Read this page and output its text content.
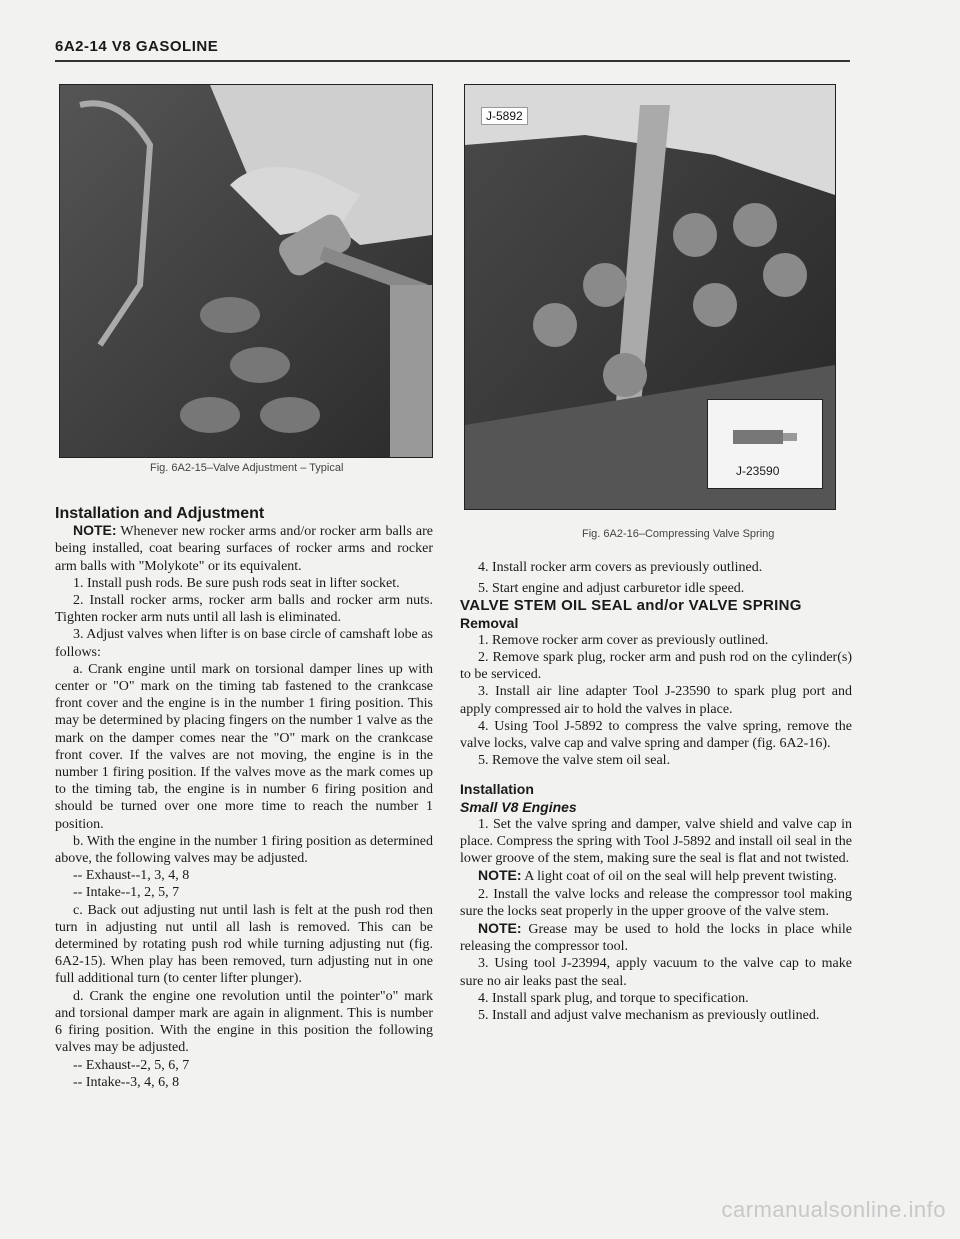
6A2-14 V8 GASOLINE
Fig. 6A2-15–Valve Adjustment – Typical
J-5892
J-23590
Fig. 6A2-16–Compressing Valve Spring

Installation and Adjustment

NOTE: Whenever new rocker arms and/or rocker arm balls are being installed, coat bearing surfaces of rocker arms and rocker arm balls with "Molykote" or its equivalent.

1. Install push rods. Be sure push rods seat in lifter socket.

2. Install rocker arms, rocker arm balls and rocker arm nuts. Tighten rocker arm nuts until all lash is eliminated.

3. Adjust valves when lifter is on base circle of camshaft lobe as follows:

a. Crank engine until mark on torsional damper lines up with center or "O" mark on the timing tab fastened to the crankcase front cover and the engine is in the number 1 firing position. This may be determined by placing fingers on the number 1 valve as the mark on the damper comes near the "O" mark on the crankcase front cover. If the valves are not moving, the engine is in the number 1 firing position. If the valves move as the mark comes up to the timing tab, the engine is in number 6 firing position and should be turned over one more time to reach the number 1 position.

b. With the engine in the number 1 firing position as determined above, the following valves may be adjusted.

-- Exhaust--1, 3, 4, 8

-- Intake--1, 2, 5, 7

c. Back out adjusting nut until lash is felt at the push rod then turn in adjusting nut until all lash is removed. This can be determined by rotating push rod while turning adjusting nut (fig. 6A2-15). When play has been removed, turn adjusting nut in one full additional turn (to center lifter plunger).

d. Crank the engine one revolution until the pointer"o" mark and torsional damper mark are again in alignment. This is number 6 firing position. With the engine in this position the following valves may be adjusted.

-- Exhaust--2, 5, 6, 7

-- Intake--3, 4, 6, 8

4. Install rocker arm covers as previously outlined.

5. Start engine and adjust carburetor idle speed.

VALVE STEM OIL SEAL and/or VALVE SPRING

Removal

1. Remove rocker arm cover as previously outlined.

2. Remove spark plug, rocker arm and push rod on the cylinder(s) to be serviced.

3. Install air line adapter Tool J-23590 to spark plug port and apply compressed air to hold the valves in place.

4. Using Tool J-5892 to compress the valve spring, remove the valve locks, valve cap and valve spring and damper (fig. 6A2-16).

5. Remove the valve stem oil seal.

Installation

Small V8 Engines

1. Set the valve spring and damper, valve shield and valve cap in place. Compress the spring with Tool J-5892 and install oil seal in the lower groove of the stem, making sure the seal is flat and not twisted.

NOTE: A light coat of oil on the seal will help prevent twisting.

2. Install the valve locks and release the compressor tool making sure the locks seat properly in the upper groove of the valve stem.

NOTE: Grease may be used to hold the locks in place while releasing the compressor tool.

3. Using tool J-23994, apply vacuum to the valve cap to make sure no air leaks past the seal.

4. Install spark plug, and torque to specification.

5. Install and adjust valve mechanism as previously outlined.

carmanualsonline.info
